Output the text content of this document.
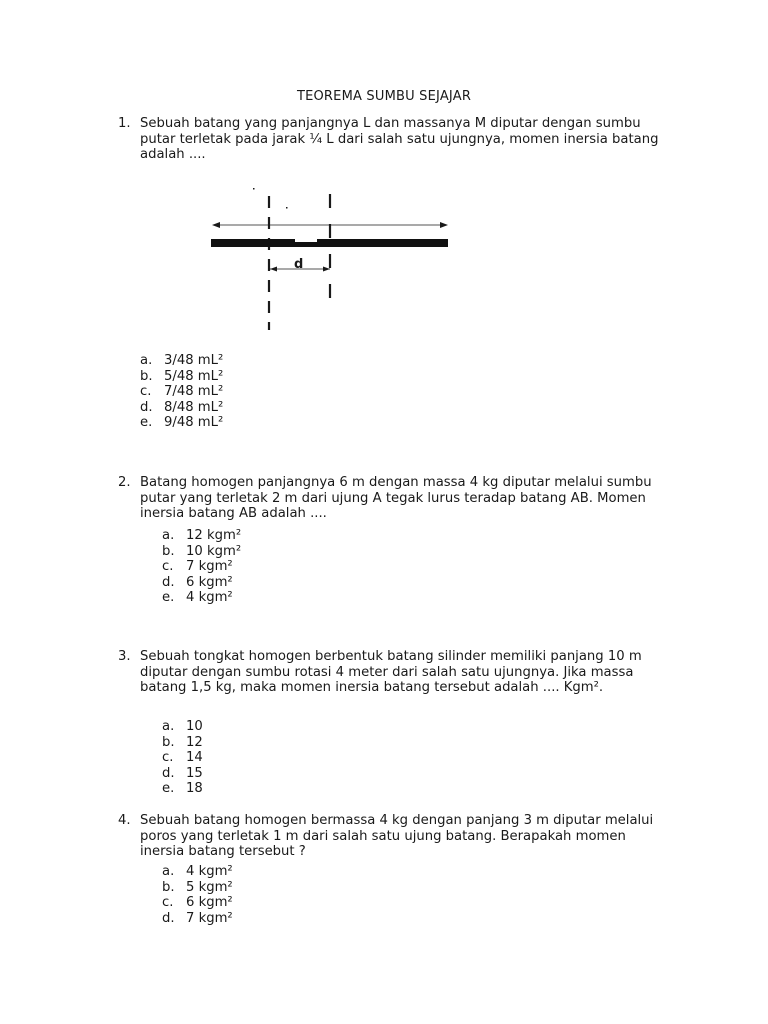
TEOREMA SUMBU SEJAJAR
1. Sebuah batang yang panjangnya L dan massanya M diputar dengan sumbu putar terletak pada jarak ¼ L dari salah satu ujungnya, momen inersia batang adalah ....
d
a. 3/48 mL²
b. 5/48 mL²
c. 7/48 mL²
d. 8/48 mL²
e. 9/48 mL²
2. Batang homogen panjangnya 6 m dengan massa 4 kg diputar melalui sumbu putar yang terletak 2 m dari ujung A tegak lurus teradap batang AB. Momen inersia batang AB adalah ....
a. 12 kgm²
b. 10 kgm²
c. 7 kgm²
d. 6 kgm²
e. 4 kgm²
3. Sebuah tongkat homogen berbentuk batang silinder memiliki panjang 10 m diputar dengan sumbu rotasi 4 meter dari salah satu ujungnya. Jika massa batang 1,5 kg, maka momen inersia batang tersebut adalah .... Kgm².
a. 10
b. 12
c. 14
d. 15
e. 18
4. Sebuah batang homogen bermassa 4 kg dengan panjang 3 m diputar melalui poros yang terletak 1 m dari salah satu ujung batang. Berapakah momen inersia batang tersebut ?
a. 4 kgm²
b. 5 kgm²
c. 6 kgm²
d. 7 kgm²
